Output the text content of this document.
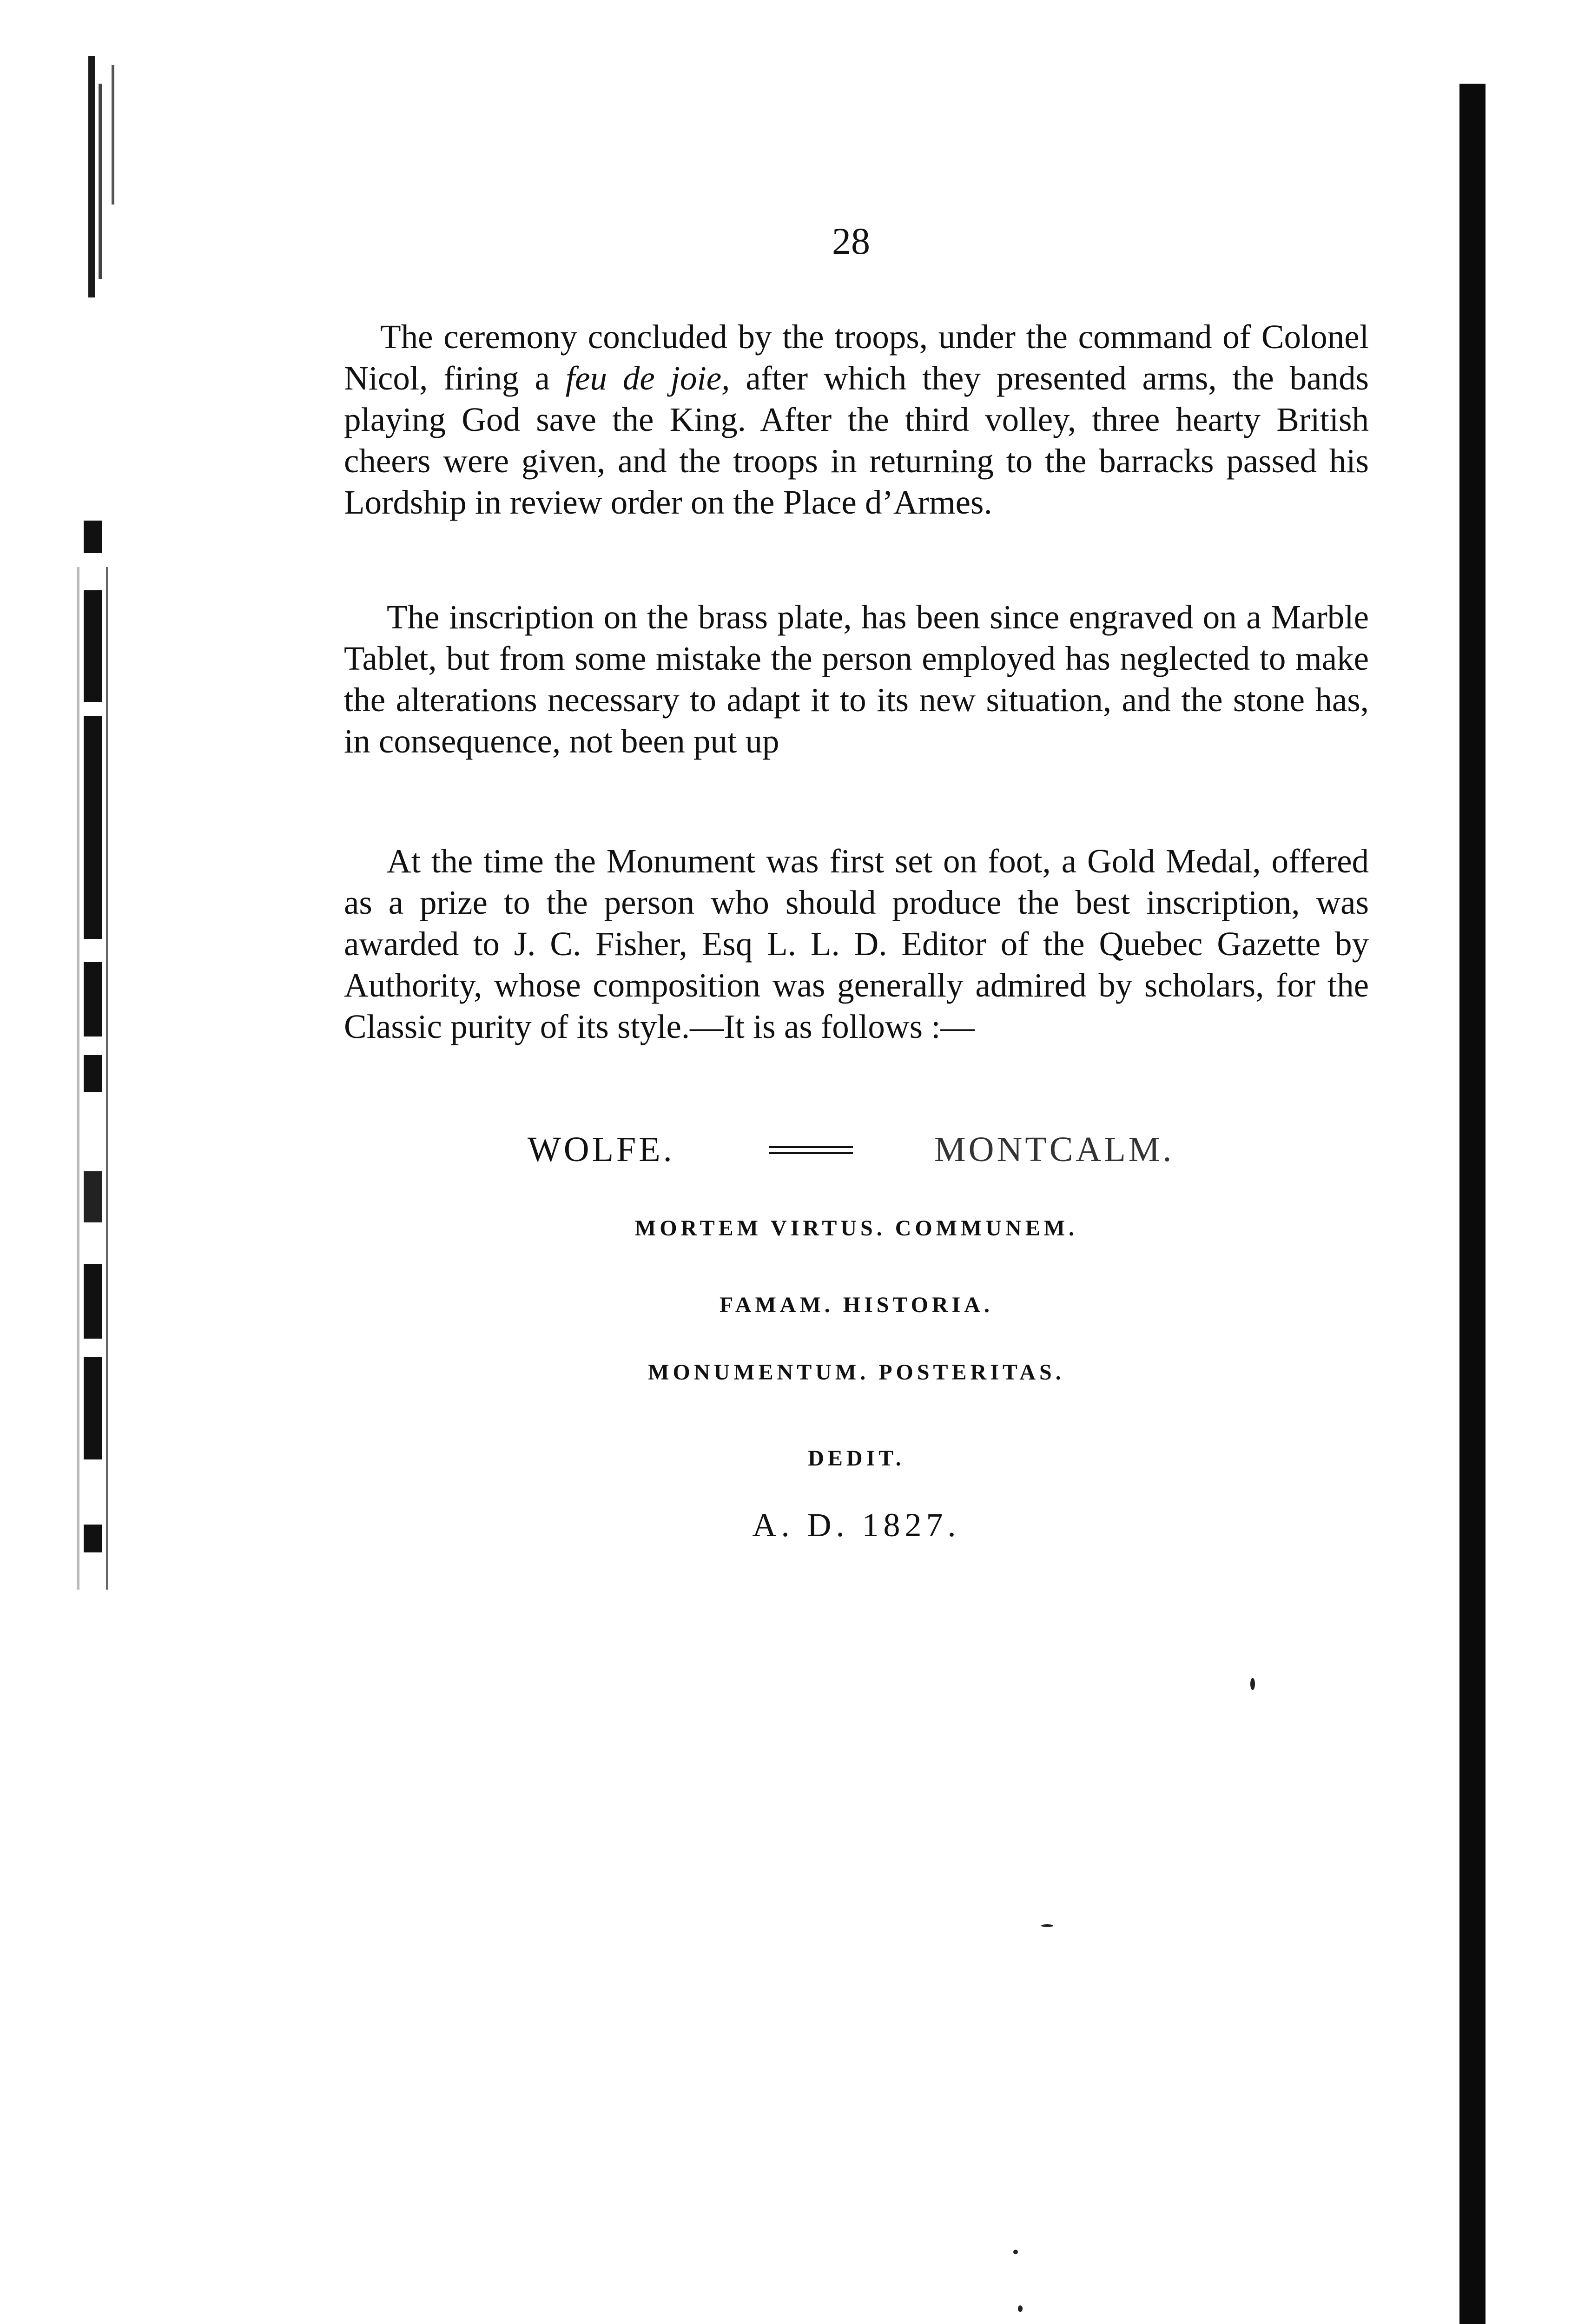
28
The ceremony concluded by the troops, under the command of Colonel Nicol, firing a feu de joie, after which they presented arms, the bands playing God save the King. After the third volley, three hearty British cheers were given, and the troops in returning to the barracks passed his Lordship in review order on the Place d’Armes.
The inscription on the brass plate, has been since engraved on a Marble Tablet, but from some mistake the person employed has neglected to make the alterations necessary to adapt it to its new situation, and the stone has, in consequence, not been put up
At the time the Monument was first set on foot, a Gold Medal, offered as a prize to the person who should produce the best inscription, was awarded to J. C. Fisher, Esq L. L. D. Editor of the Quebec Gazette by Authority, whose composition was generally admired by scholars, for the Classic purity of its style.—It is as follows :—
WOLFE.	MONTCALM.
MORTEM VIRTUS. COMMUNEM.
FAMAM. HISTORIA.
MONUMENTUM. POSTERITAS.
DEDIT.
A. D. 1827.
